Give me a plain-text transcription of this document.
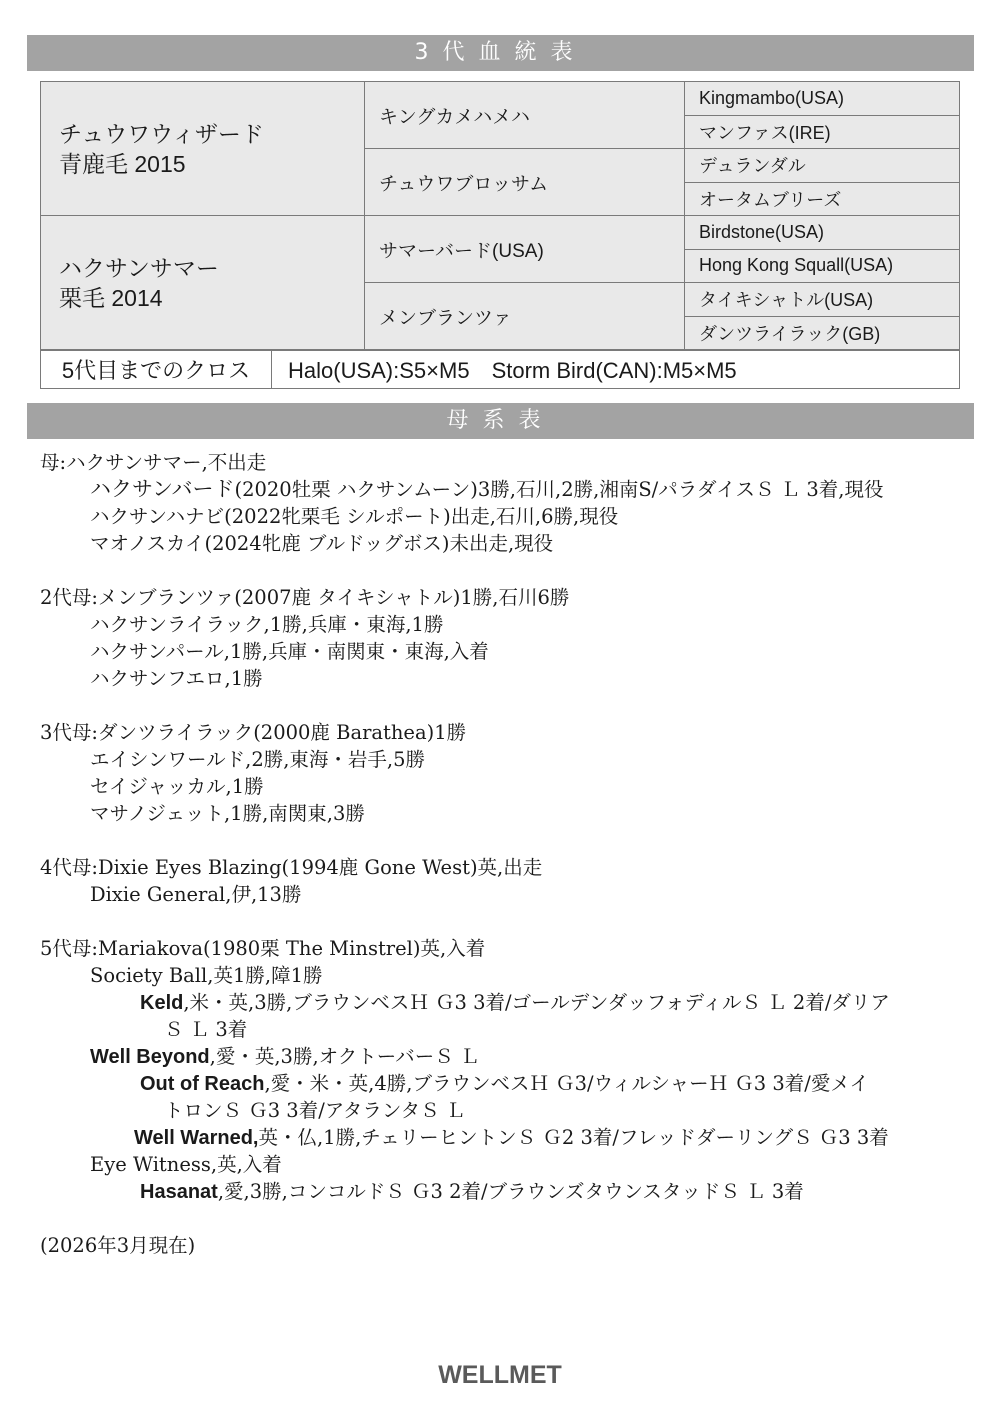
3代血統表
チュウワウィザード
青鹿毛 2015	キングカメハメハ	Kingmambo(USA)
		マンファス(IRE)
	チュウワブロッサム	デュランダル
		オータムブリーズ

ハクサンサマー
栗毛 2014	サマーバード(USA)	Birdstone(USA)
		Hong Kong Squall(USA)
	メンブランツァ	タイキシャトル(USA)
		ダンツライラック(GB)
5代目までのクロス	Halo(USA):S5×M5　Storm Bird(CAN):M5×M5
母系表
母:ハクサンサマー,不出走
ハクサンバード(2020牡栗 ハクサンムーン)3勝,石川,2勝,湘南S/パラダイスＳ Ｌ 3着,現役
ハクサンハナビ(2022牝栗毛 シルポート)出走,石川,6勝,現役
マオノスカイ(2024牝鹿 ブルドッグボス)未出走,現役
2代母:メンブランツァ(2007鹿 タイキシャトル)1勝,石川6勝
ハクサンライラック,1勝,兵庫・東海,1勝
ハクサンパール,1勝,兵庫・南関東・東海,入着
ハクサンフエロ,1勝
3代母:ダンツライラック(2000鹿 Barathea)1勝
エイシンワールド,2勝,東海・岩手,5勝
セイジャッカル,1勝
マサノジェット,1勝,南関東,3勝
4代母:Dixie Eyes Blazing(1994鹿 Gone West)英,出走
Dixie General,伊,13勝
5代母:Mariakova(1980栗 The Minstrel)英,入着
Society Ball,英1勝,障1勝
Keld,米・英,3勝,ブラウンベスＨ Ｇ3 3着/ゴールデンダッフォディルＳ Ｌ 2着/ダリア
Ｓ Ｌ 3着
Well Beyond,愛・英,3勝,オクトーバーＳ Ｌ
Out of Reach,愛・米・英,4勝,ブラウンベスＨ Ｇ3/ウィルシャーＨ Ｇ3 3着/愛メイ
トロンＳ Ｇ3 3着/アタランタＳ Ｌ
Well Warned,英・仏,1勝,チェリーヒントンＳ Ｇ2 3着/フレッドダーリングＳ Ｇ3 3着
Eye Witness,英,入着
Hasanat,愛,3勝,コンコルドＳ Ｇ3 2着/ブラウンズタウンスタッドＳ Ｌ 3着
(2026年3月現在)
WELLMET
